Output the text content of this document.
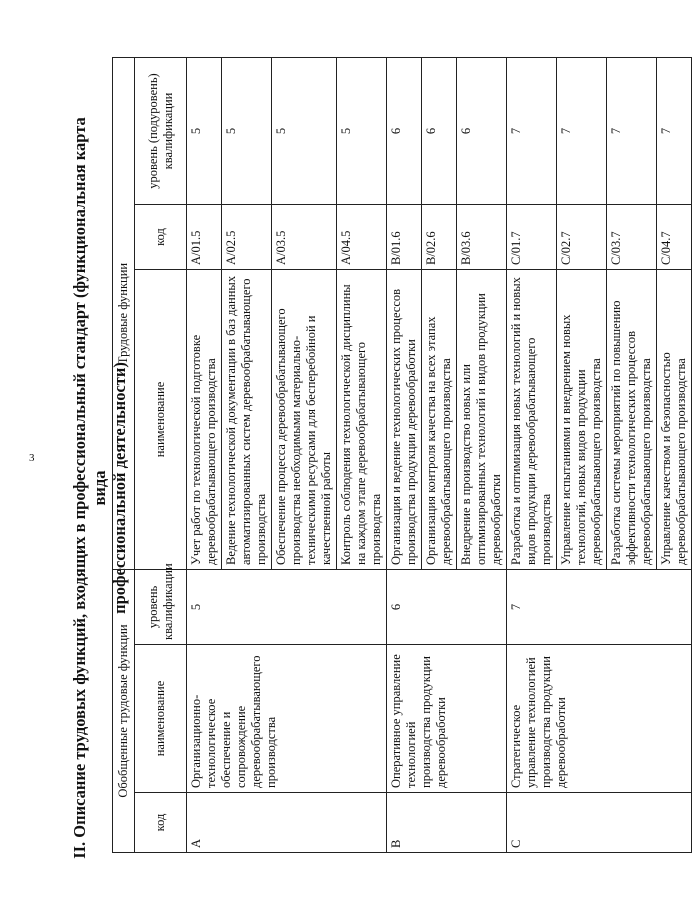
3 II. Описание трудовых функций, входящих в профессиональный стандарт (функциональная карта вида профессиональной деятельности)
Обобщенные трудовые функции			Трудовые функции		
код	наименование	уровень квалификации	наименование	код	уровень (подуровень) квалификации
A	Организационно-технологическое обеспечение и сопровождение деревообрабатывающего производства	5	Учет работ по технологической подготовке деревообрабатывающего производства	A/01.5	5
			Ведение технологической документации в баз данных автоматизированных систем деревообрабатывающего производства	A/02.5	5
			Обеспечение процесса деревообрабатывающего производства необходимыми материально-техническими ресурсами для бесперебойной и качественной работы	A/03.5	5
			Контроль соблюдения технологической дисциплины на каждом этапе деревообрабатывающего производства	A/04.5	5
B	Оперативное управление технологией производства продукции деревообработки	6	Организация и ведение технологических процессов производства продукции деревообработки	B/01.6	6
			Организация контроля качества на всех этапах деревообрабатывающего производства	B/02.6	6
			Внедрение в производство новых или оптимизированных технологий и видов продукции деревообработки	B/03.6	6
C	Стратегическое управление технологией производства продукции деревообработки	7	Разработка и оптимизация новых технологий и новых видов продукции деревообрабатывающего производства	C/01.7	7
			Управление испытаниями и внедрением новых технологий, новых видов продукции деревообрабатывающего производства	C/02.7	7
			Разработка системы мероприятий по повышению эффективности технологических процессов деревообрабатывающего производства	C/03.7	7
			Управление качеством и безопасностью деревообрабатывающего производства	C/04.7	7
